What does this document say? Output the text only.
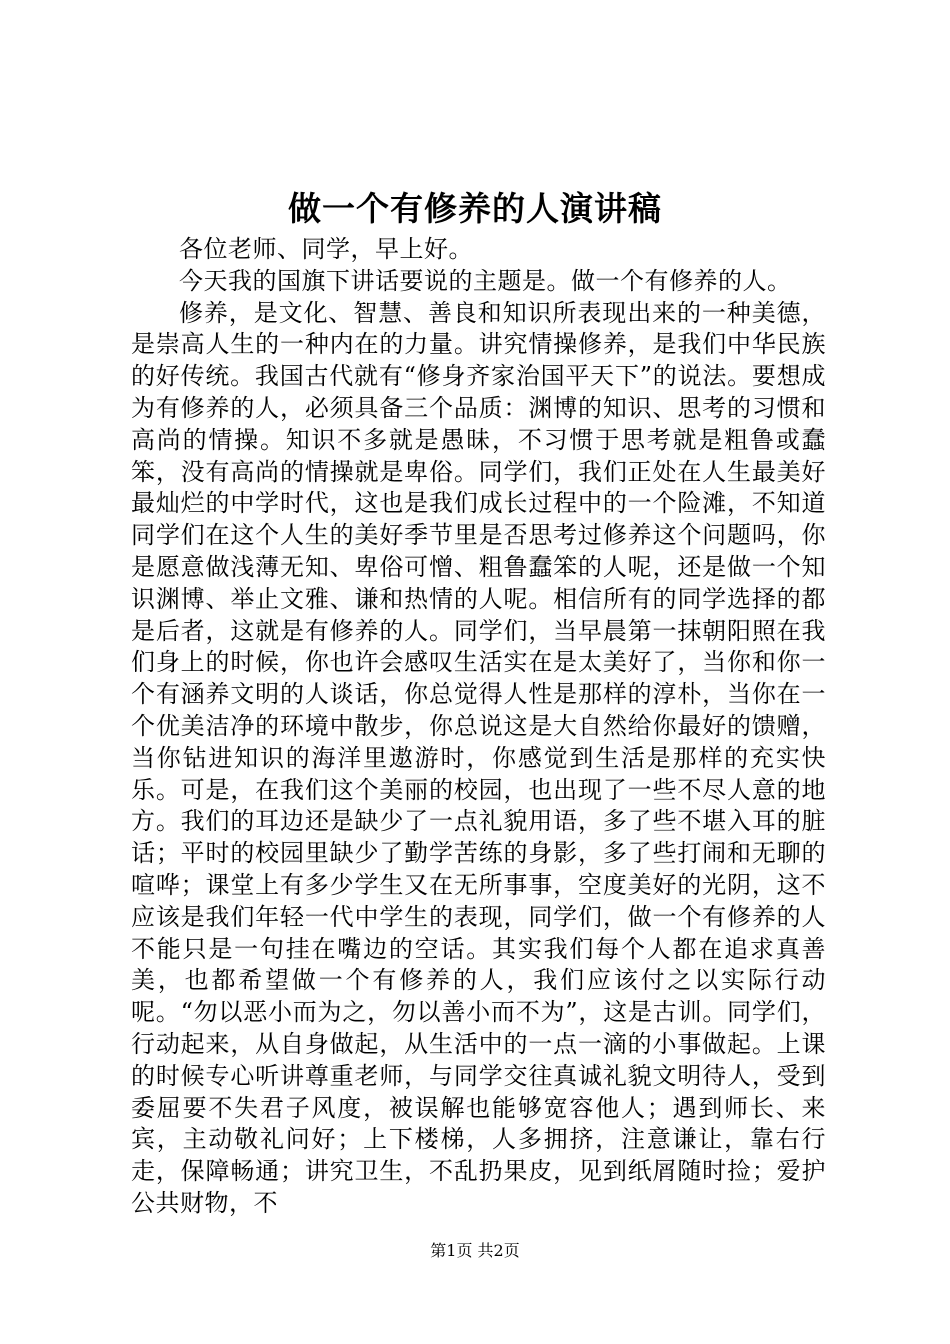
做一个有修养的人演讲稿

各位老师、同学，早上好。

今天我的国旗下讲话要说的主题是。做一个有修养的人。

修养，是文化、智慧、善良和知识所表现出来的一种美德，是崇高人生的一种内在的力量。讲究情操修养，是我们中华民族的好传统。我国古代就有“修身齐家治国平天下”的说法。要想成为有修养的人，必须具备三个品质：渊博的知识、思考的习惯和高尚的情操。知识不多就是愚昧，不习惯于思考就是粗鲁或蠢笨，没有高尚的情操就是卑俗。同学们，我们正处在人生最美好最灿烂的中学时代，这也是我们成长过程中的一个险滩，不知道同学们在这个人生的美好季节里是否思考过修养这个问题吗，你是愿意做浅薄无知、卑俗可憎、粗鲁蠢笨的人呢，还是做一个知识渊博、举止文雅、谦和热情的人呢。相信所有的同学选择的都是后者，这就是有修养的人。同学们，当早晨第一抹朝阳照在我们身上的时候，你也许会感叹生活实在是太美好了，当你和你一个有涵养文明的人谈话，你总觉得人性是那样的淳朴，当你在一个优美洁净的环境中散步，你总说这是大自然给你最好的馈赠，当你钻进知识的海洋里遨游时，你感觉到生活是那样的充实快乐。可是，在我们这个美丽的校园，也出现了一些不尽人意的地方。我们的耳边还是缺少了一点礼貌用语，多了些不堪入耳的脏话；平时的校园里缺少了勤学苦练的身影，多了些打闹和无聊的喧哗；课堂上有多少学生又在无所事事，空度美好的光阴，这不应该是我们年轻一代中学生的表现，同学们，做一个有修养的人不能只是一句挂在嘴边的空话。其实我们每个人都在追求真善美，也都希望做一个有修养的人，我们应该付之以实际行动呢。“勿以恶小而为之，勿以善小而不为”，这是古训。同学们，行动起来，从自身做起，从生活中的一点一滴的小事做起。上课的时候专心听讲尊重老师，与同学交往真诚礼貌文明待人，受到委屈要不失君子风度，被误解也能够宽容他人；遇到师长、来宾，主动敬礼问好；上下楼梯，人多拥挤，注意谦让，靠右行走，保障畅通；讲究卫生，不乱扔果皮，见到纸屑随时捡；爱护公共财物，不

第1页 共2页
